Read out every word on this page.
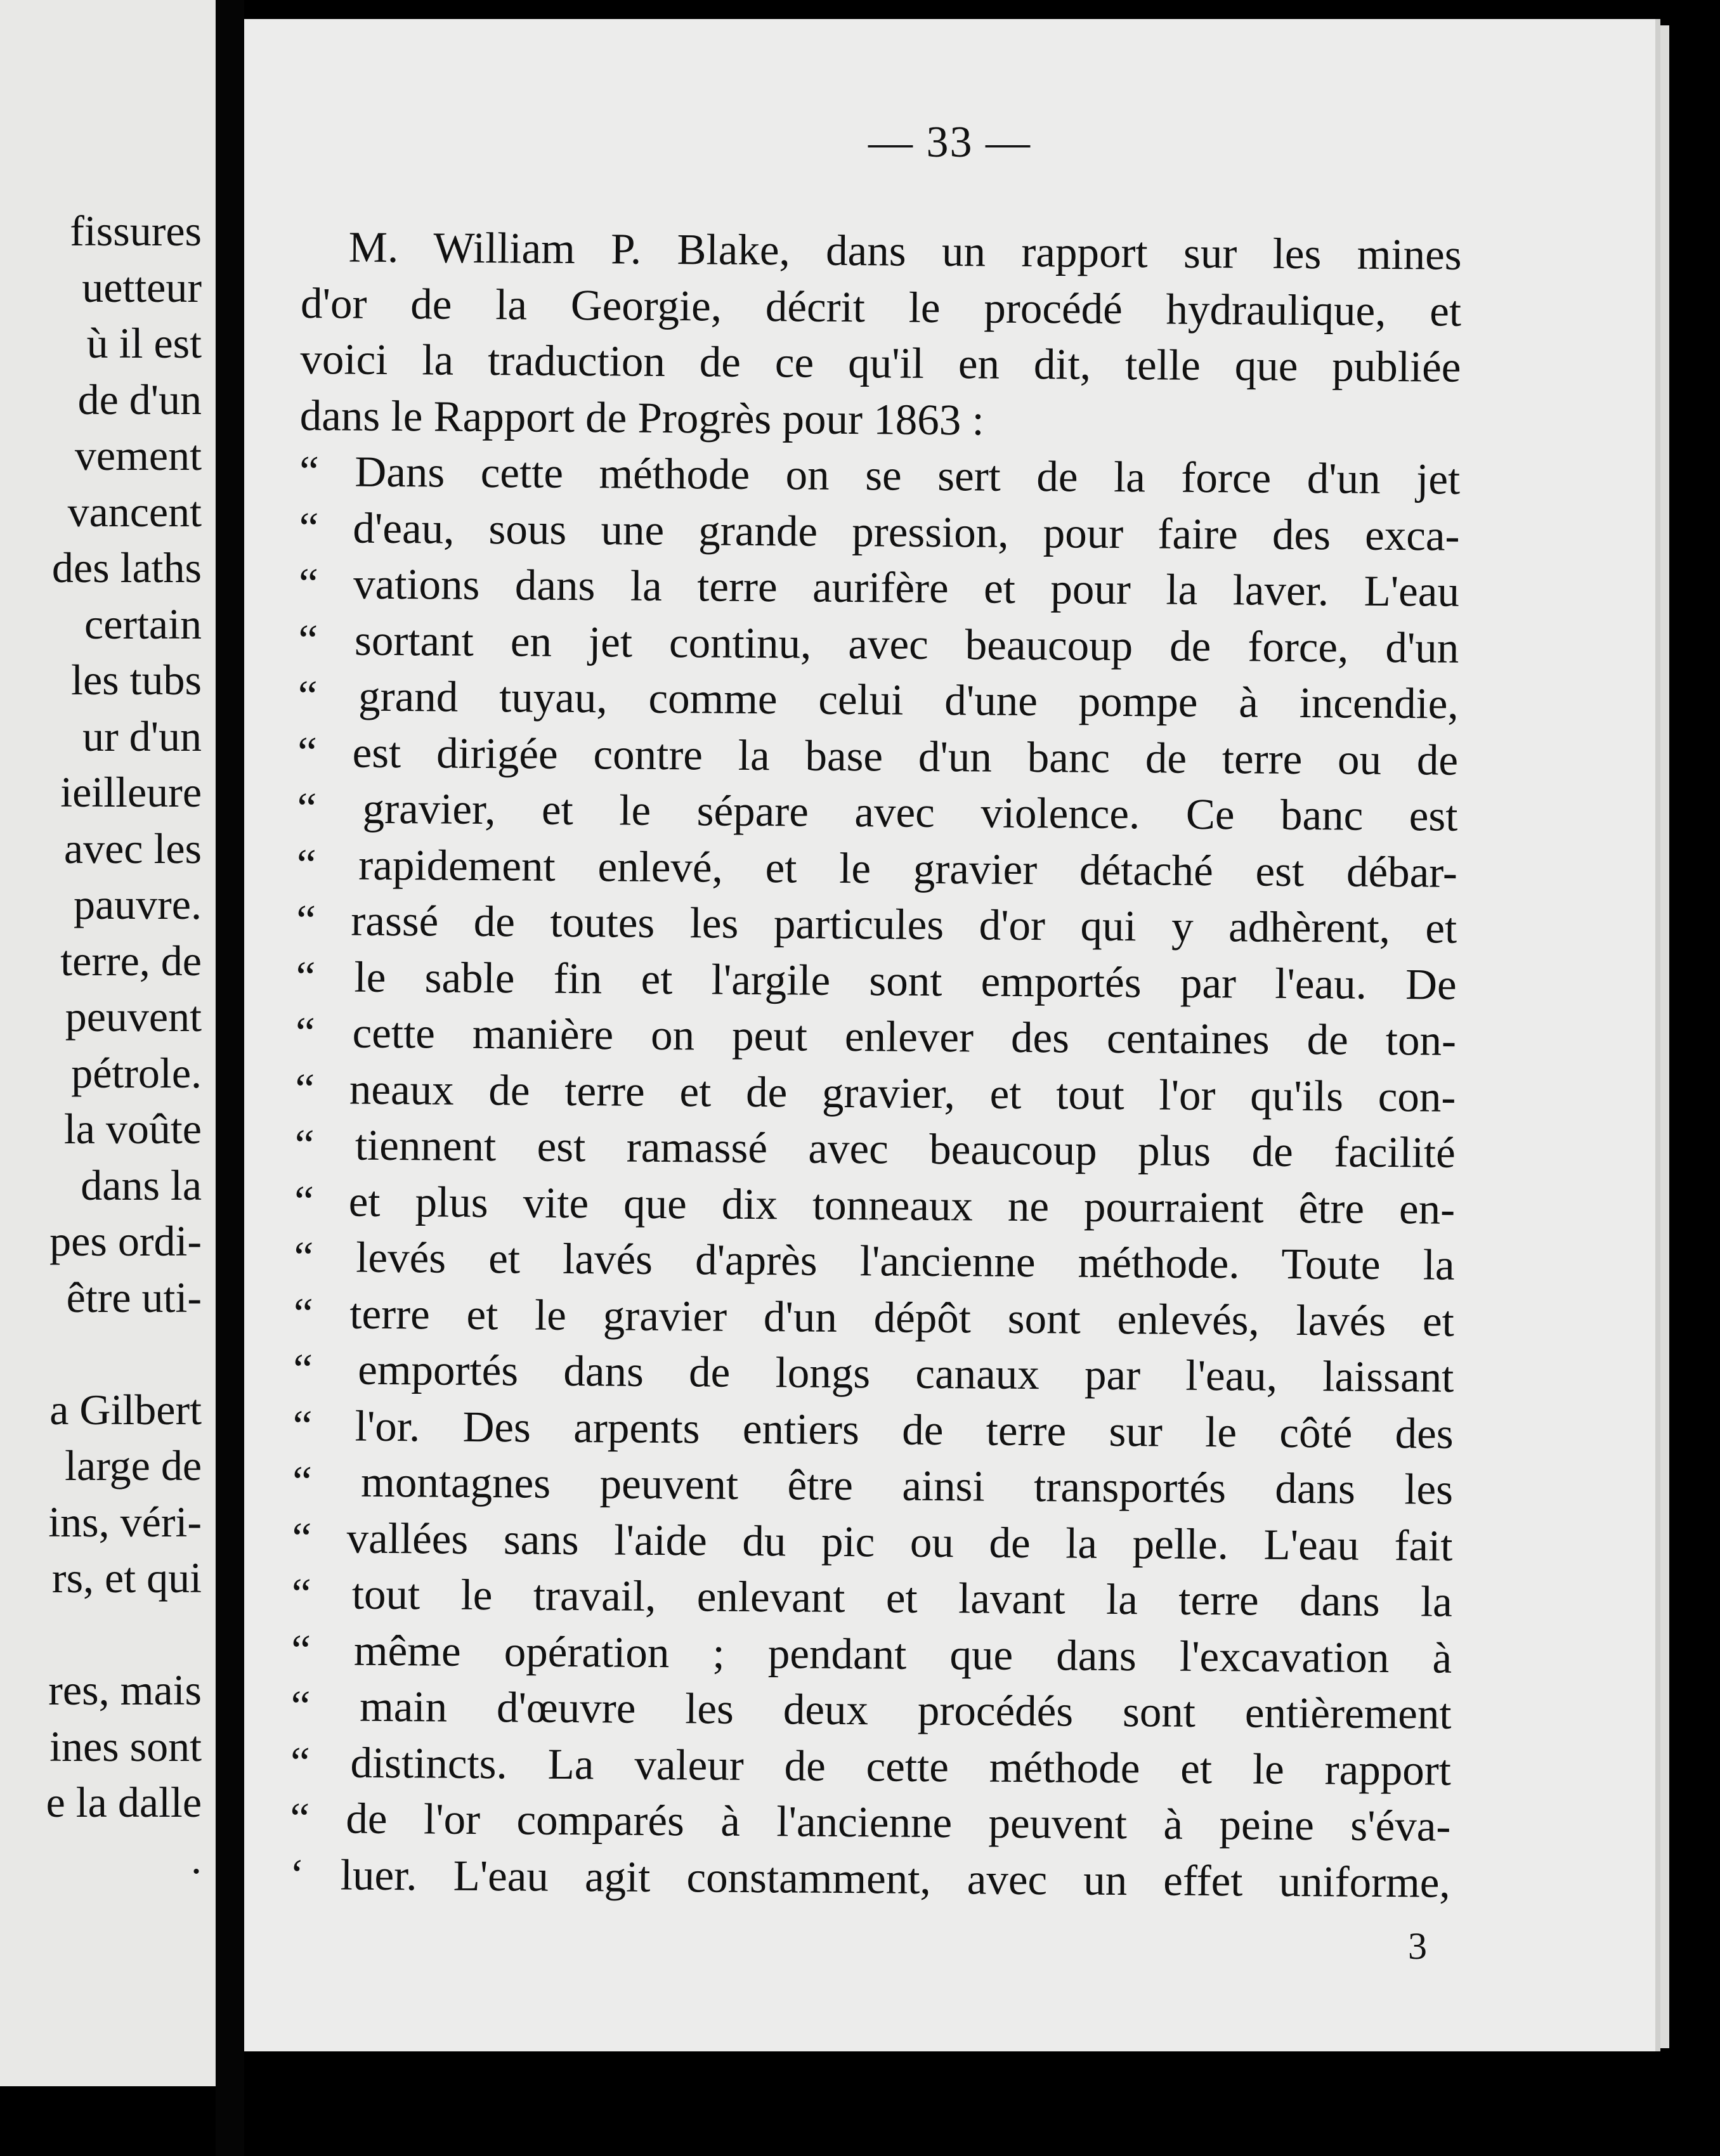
fissures
uetteur
ù il est
de d'un
vement
vancent
des laths
certain
les tubs
ur d'un
ieilleure
avec les
pauvre.
terre, de
peuvent
pétrole.
la voûte
dans la
pes ordi-
être uti-
a Gilbert
large de
ins, véri-
rs, et qui
res, mais
ines sont
e la dalle
.
— 33 —
M. William P. Blake, dans un rapport sur les mines
d'or de la Georgie, décrit le procédé hydraulique, et
voici la traduction de ce qu'il en dit, telle que publiée
dans le Rapport de Progrès pour 1863 :
“ Dans cette méthode on se sert de la force d'un jet
“ d'eau, sous une grande pression, pour faire des exca-
“ vations dans la terre aurifère et pour la laver. L'eau
“ sortant en jet continu, avec beaucoup de force, d'un
“ grand tuyau, comme celui d'une pompe à incendie,
“ est dirigée contre la base d'un banc de terre ou de
“ gravier, et le sépare avec violence. Ce banc est
“ rapidement enlevé, et le gravier détaché est débar-
“ rassé de toutes les particules d'or qui y adhèrent, et
“ le sable fin et l'argile sont emportés par l'eau. De
“ cette manière on peut enlever des centaines de ton-
“ neaux de terre et de gravier, et tout l'or qu'ils con-
“ tiennent est ramassé avec beaucoup plus de facilité
“ et plus vite que dix tonneaux ne pourraient être en-
“ levés et lavés d'après l'ancienne méthode. Toute la
“ terre et le gravier d'un dépôt sont enlevés, lavés et
“ emportés dans de longs canaux par l'eau, laissant
“ l'or. Des arpents entiers de terre sur le côté des
“ montagnes peuvent être ainsi transportés dans les
“ vallées sans l'aide du pic ou de la pelle. L'eau fait
“ tout le travail, enlevant et lavant la terre dans la
“ même opération ; pendant que dans l'excavation à
“ main d'œuvre les deux procédés sont entièrement
“ distincts. La valeur de cette méthode et le rapport
“ de l'or comparés à l'ancienne peuvent à peine s'éva-
‘ luer. L'eau agit constamment, avec un effet uniforme,
3
